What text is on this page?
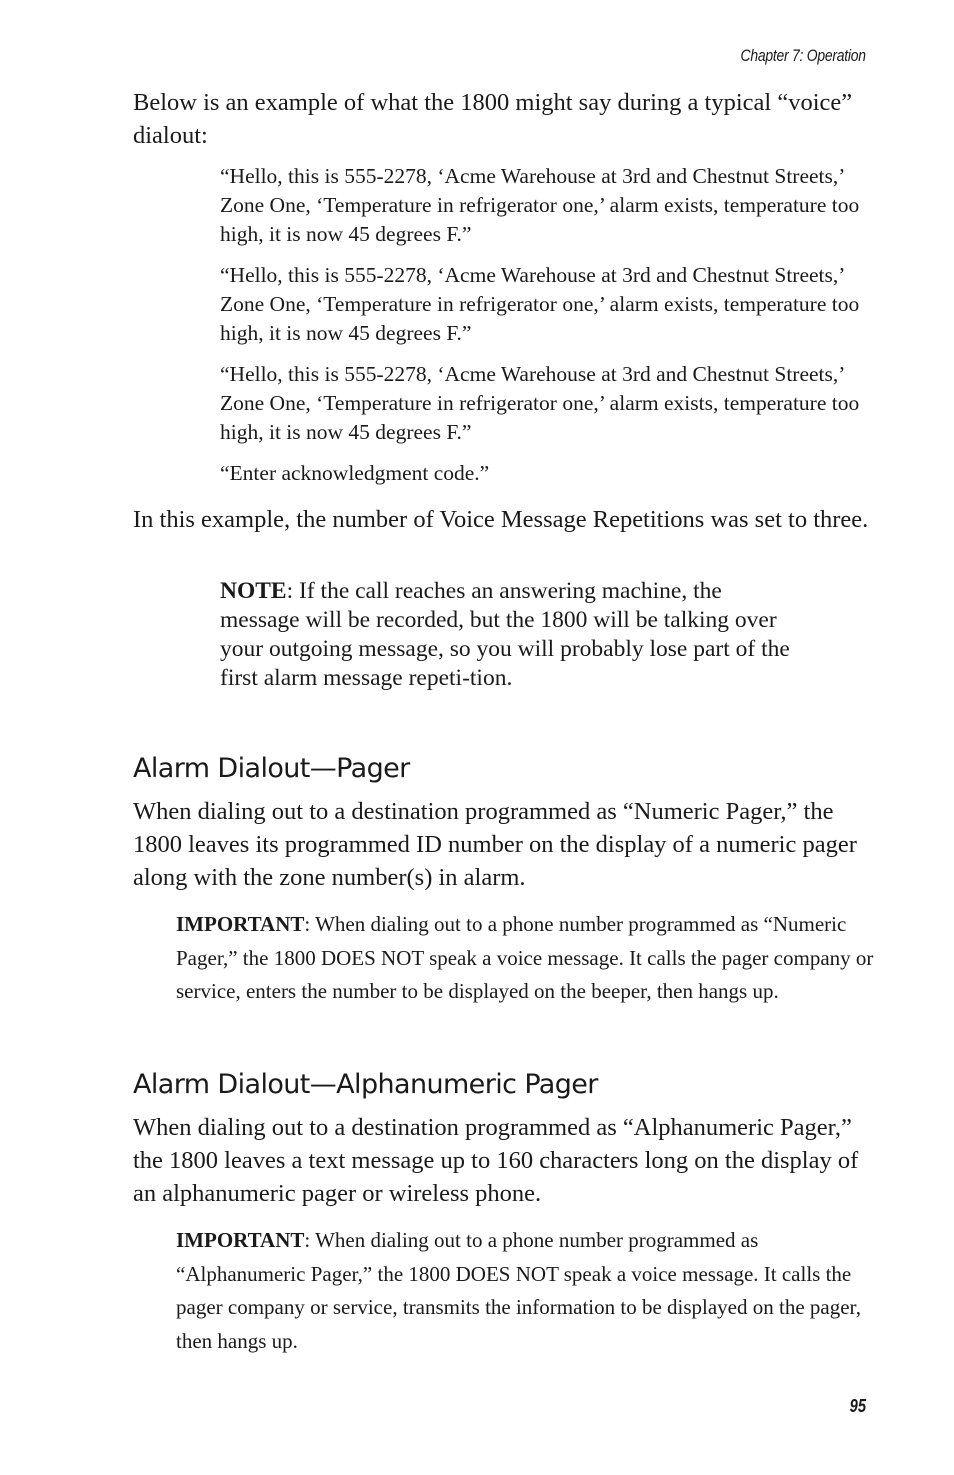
Chapter 7: Operation

Below is an example of what the 1800 might say during a typical “voice” dialout:

“Hello, this is 555-2278, ‘Acme Warehouse at 3rd and Chestnut Streets,’ Zone One, ‘Temperature in refrigerator one,’ alarm exists, temperature too high, it is now 45 degrees F.”

“Hello, this is 555-2278, ‘Acme Warehouse at 3rd and Chestnut Streets,’ Zone One, ‘Temperature in refrigerator one,’ alarm exists, temperature too high, it is now 45 degrees F.”

“Hello, this is 555-2278, ‘Acme Warehouse at 3rd and Chestnut Streets,’ Zone One, ‘Temperature in refrigerator one,’ alarm exists, temperature too high, it is now 45 degrees F.”

“Enter acknowledgment code.”

In this example, the number of Voice Message Repetitions was set to three.

NOTE: If the call reaches an answering machine, the message will be recorded, but the 1800 will be talking over your outgoing message, so you will probably lose part of the first alarm message repeti-tion.

Alarm Dialout—Pager

When dialing out to a destination programmed as “Numeric Pager,” the 1800 leaves its programmed ID number on the display of a numeric pager along with the zone number(s) in alarm.

IMPORTANT: When dialing out to a phone number programmed as “Numeric Pager,” the 1800 DOES NOT speak a voice message. It calls the pager company or service, enters the number to be displayed on the beeper, then hangs up.

Alarm Dialout—Alphanumeric Pager

When dialing out to a destination programmed as “Alphanumeric Pager,” the 1800 leaves a text message up to 160 characters long on the display of an alphanumeric pager or wireless phone.

IMPORTANT: When dialing out to a phone number programmed as “Alphanumeric Pager,” the 1800 DOES NOT speak a voice message. It calls the pager company or service, transmits the information to be displayed on the pager, then hangs up.

95
